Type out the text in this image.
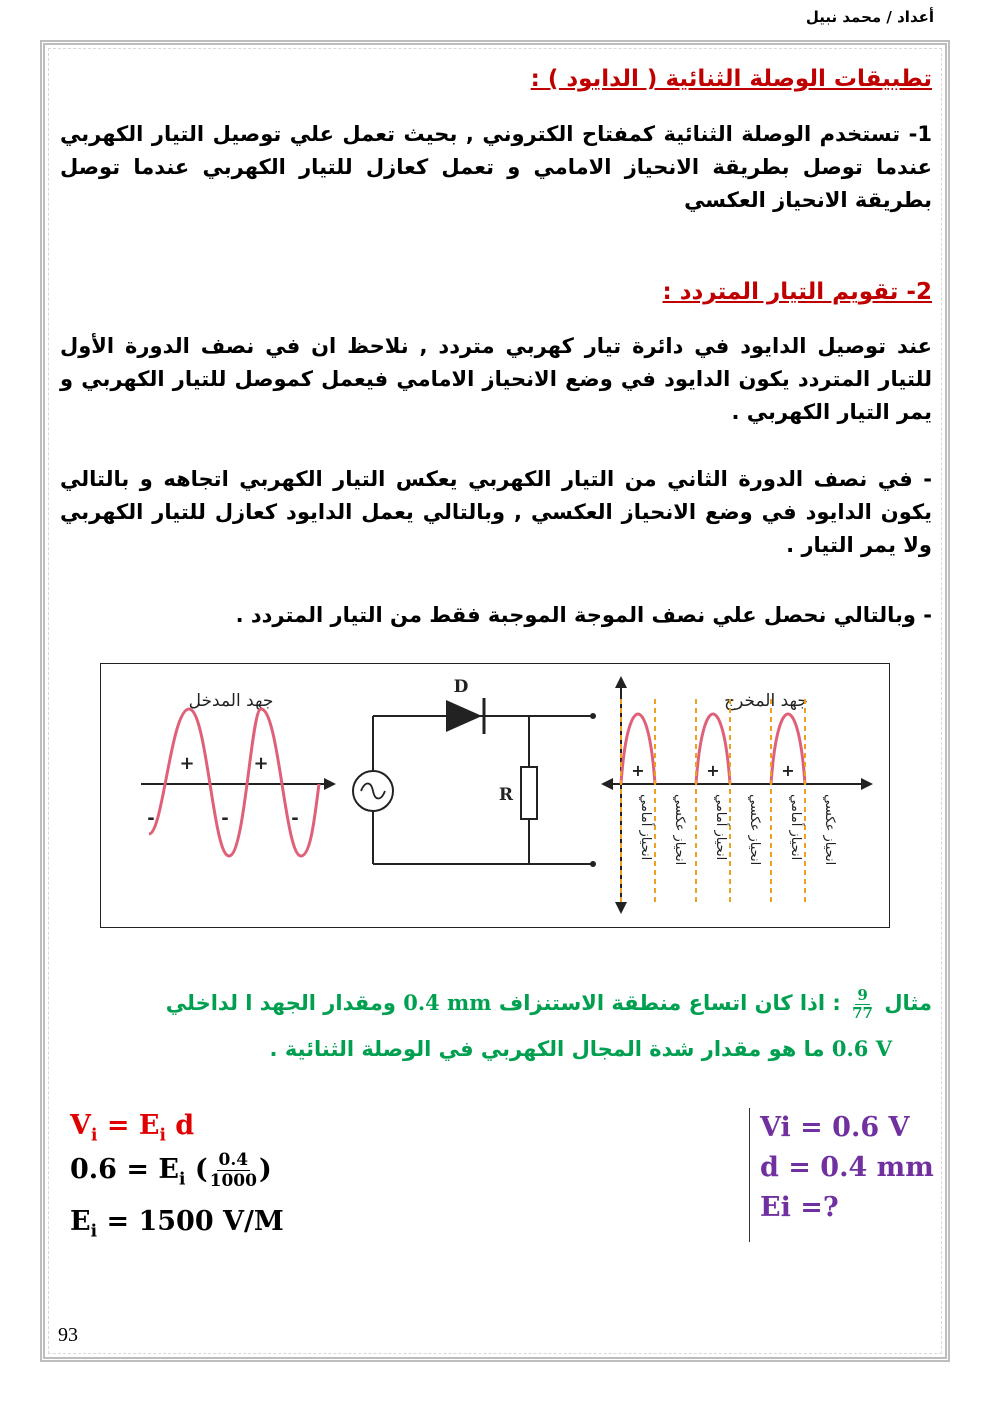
أعداد / محمد نبيل
تطبيقات الوصلة الثنائية ( الدايود ) :
1- تستخدم الوصلة الثنائية كمفتاح الكتروني , بحيث تعمل علي توصيل التيار الكهربي عندما توصل بطريقة الانحياز الامامي و تعمل كعازل للتيار الكهربي عندما توصل بطريقة الانحياز العكسي
2- تقويم التيار المتردد :
عند توصيل الدايود في دائرة تيار كهربي متردد , نلاحظ ان في نصف الدورة الأول للتيار المتردد يكون الدايود في وضع الانحياز الامامي فيعمل كموصل للتيار الكهربي و يمر التيار الكهربي .
- في نصف الدورة الثاني من التيار الكهربي يعكس التيار الكهربي اتجاهه و بالتالي يكون الدايود في وضع الانحياز العكسي , وبالتالي يعمل الدايود كعازل للتيار الكهربي ولا يمر التيار .
- وبالتالي نحصل علي نصف الموجة الموجبة فقط من التيار المتردد .
جهد المدخل
+	+
-	-	-
D
R
جهد المخرج
+	+	+
انحياز أمامي انحياز عكسي انحياز أمامي انحياز عكسي انحياز أمامي انحياز عكسي
مثال
$\frac{9}{77}$
: اذا كان اتساع منطقة الاستنزاف 0.4 mm ومقدار الجهد ا لداخلي
0.6 V ما هو مقدار شدة المجال الكهربي في الوصلة الثنائية .
Vi = 0.6 V
d = 0.4 mm
Ei =?
$V_i = E_i$ d
$0.6 = E_i$ ( $\frac{0.4}{1000}$ )
$E_i = 1500$ V/M
93
